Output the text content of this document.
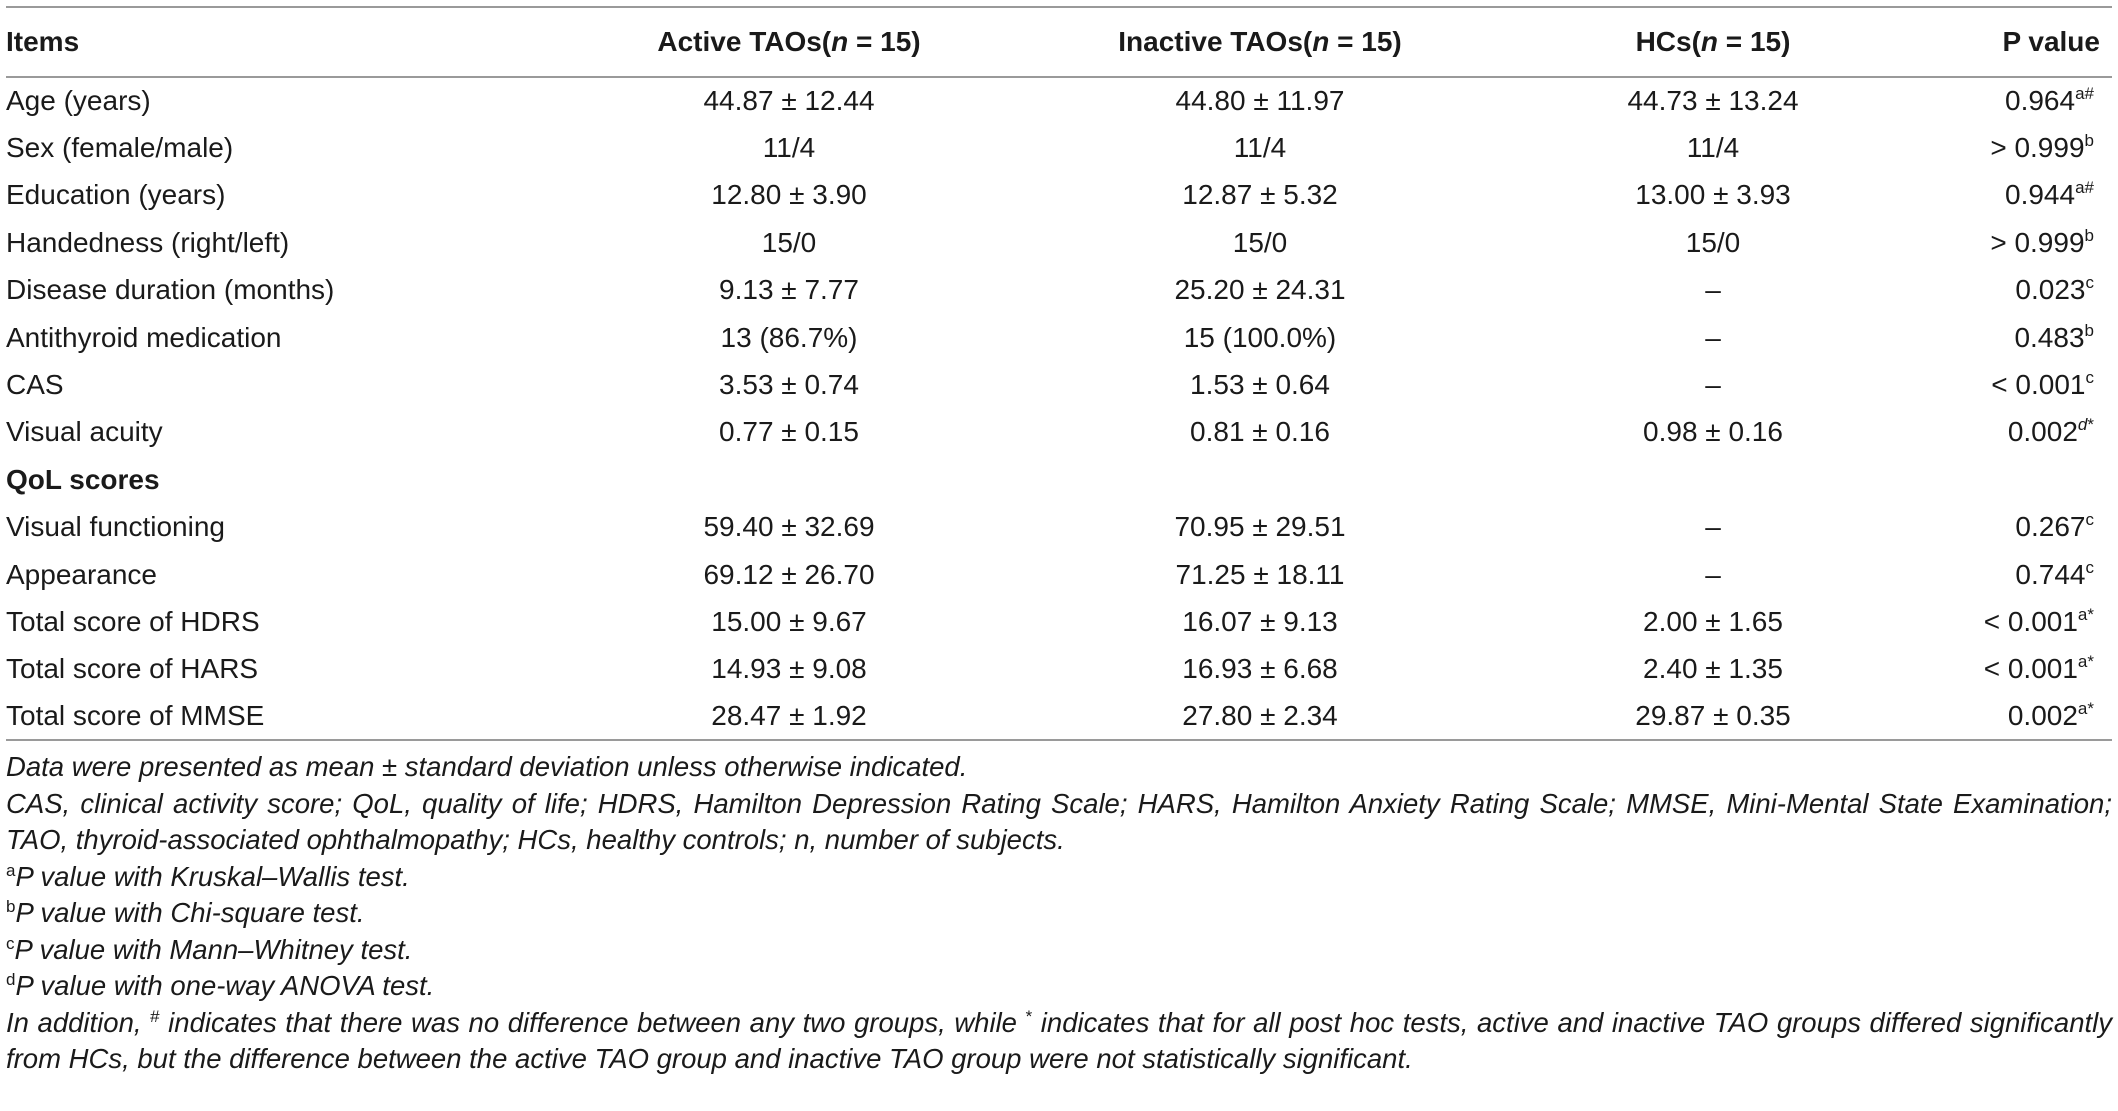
Items	Active TAOs(n = 15)	Inactive TAOs(n = 15)	HCs(n = 15)	P value
Age (years)	44.87 ± 12.44	44.80 ± 11.97	44.73 ± 13.24	$0.964^{a\#}$
Sex (female/male)	11/4	11/4	11/4	> 0.999$^b$
Education (years)	12.80 ± 3.90	12.87 ± 5.32	13.00 ± 3.93	$0.944^{a\#}$
Handedness (right/left)	15/0	15/0	15/0	> 0.999$^b$
Disease duration (months)	9.13 ± 7.77	25.20 ± 24.31	–	0.023$^c$
Antithyroid medication	13 (86.7%)	15 (100.0%)	–	0.483$^b$
CAS	3.53 ± 0.74	1.53 ± 0.64	–	< 0.001$^c$
Visual acuity	0.77 ± 0.15	0.81 ± 0.16	0.98 ± 0.16	$0.002^{d*}$
QoL scores				
Visual functioning	59.40 ± 32.69	70.95 ± 29.51	–	0.267$^c$
Appearance	69.12 ± 26.70	71.25 ± 18.11	–	0.744$^c$
Total score of HDRS	15.00 ± 9.67	16.07 ± 9.13	2.00 ± 1.65	< $0.001^{a*}$
Total score of HARS	14.93 ± 9.08	16.93 ± 6.68	2.40 ± 1.35	< $0.001^{a*}$
Total score of MMSE	28.47 ± 1.92	27.80 ± 2.34	29.87 ± 0.35	$0.002^{a*}$

Data were presented as mean ± standard deviation unless otherwise indicated.

CAS, clinical activity score; QoL, quality of life; HDRS, Hamilton Depression Rating Scale; HARS, Hamilton Anxiety Rating Scale; MMSE, Mini-Mental State Examination; TAO, thyroid-associated ophthalmopathy; HCs, healthy controls; n, number of subjects.

$^a$P value with Kruskal–Wallis test.

$^b$P value with Chi-square test.

$^c$P value with Mann–Whitney test.

$^d$P value with one-way ANOVA test.

In addition, # indicates that there was no difference between any two groups, while * indicates that for all post hoc tests, active and inactive TAO groups differed significantly from HCs, but the difference between the active TAO group and inactive TAO group were not statistically significant.
